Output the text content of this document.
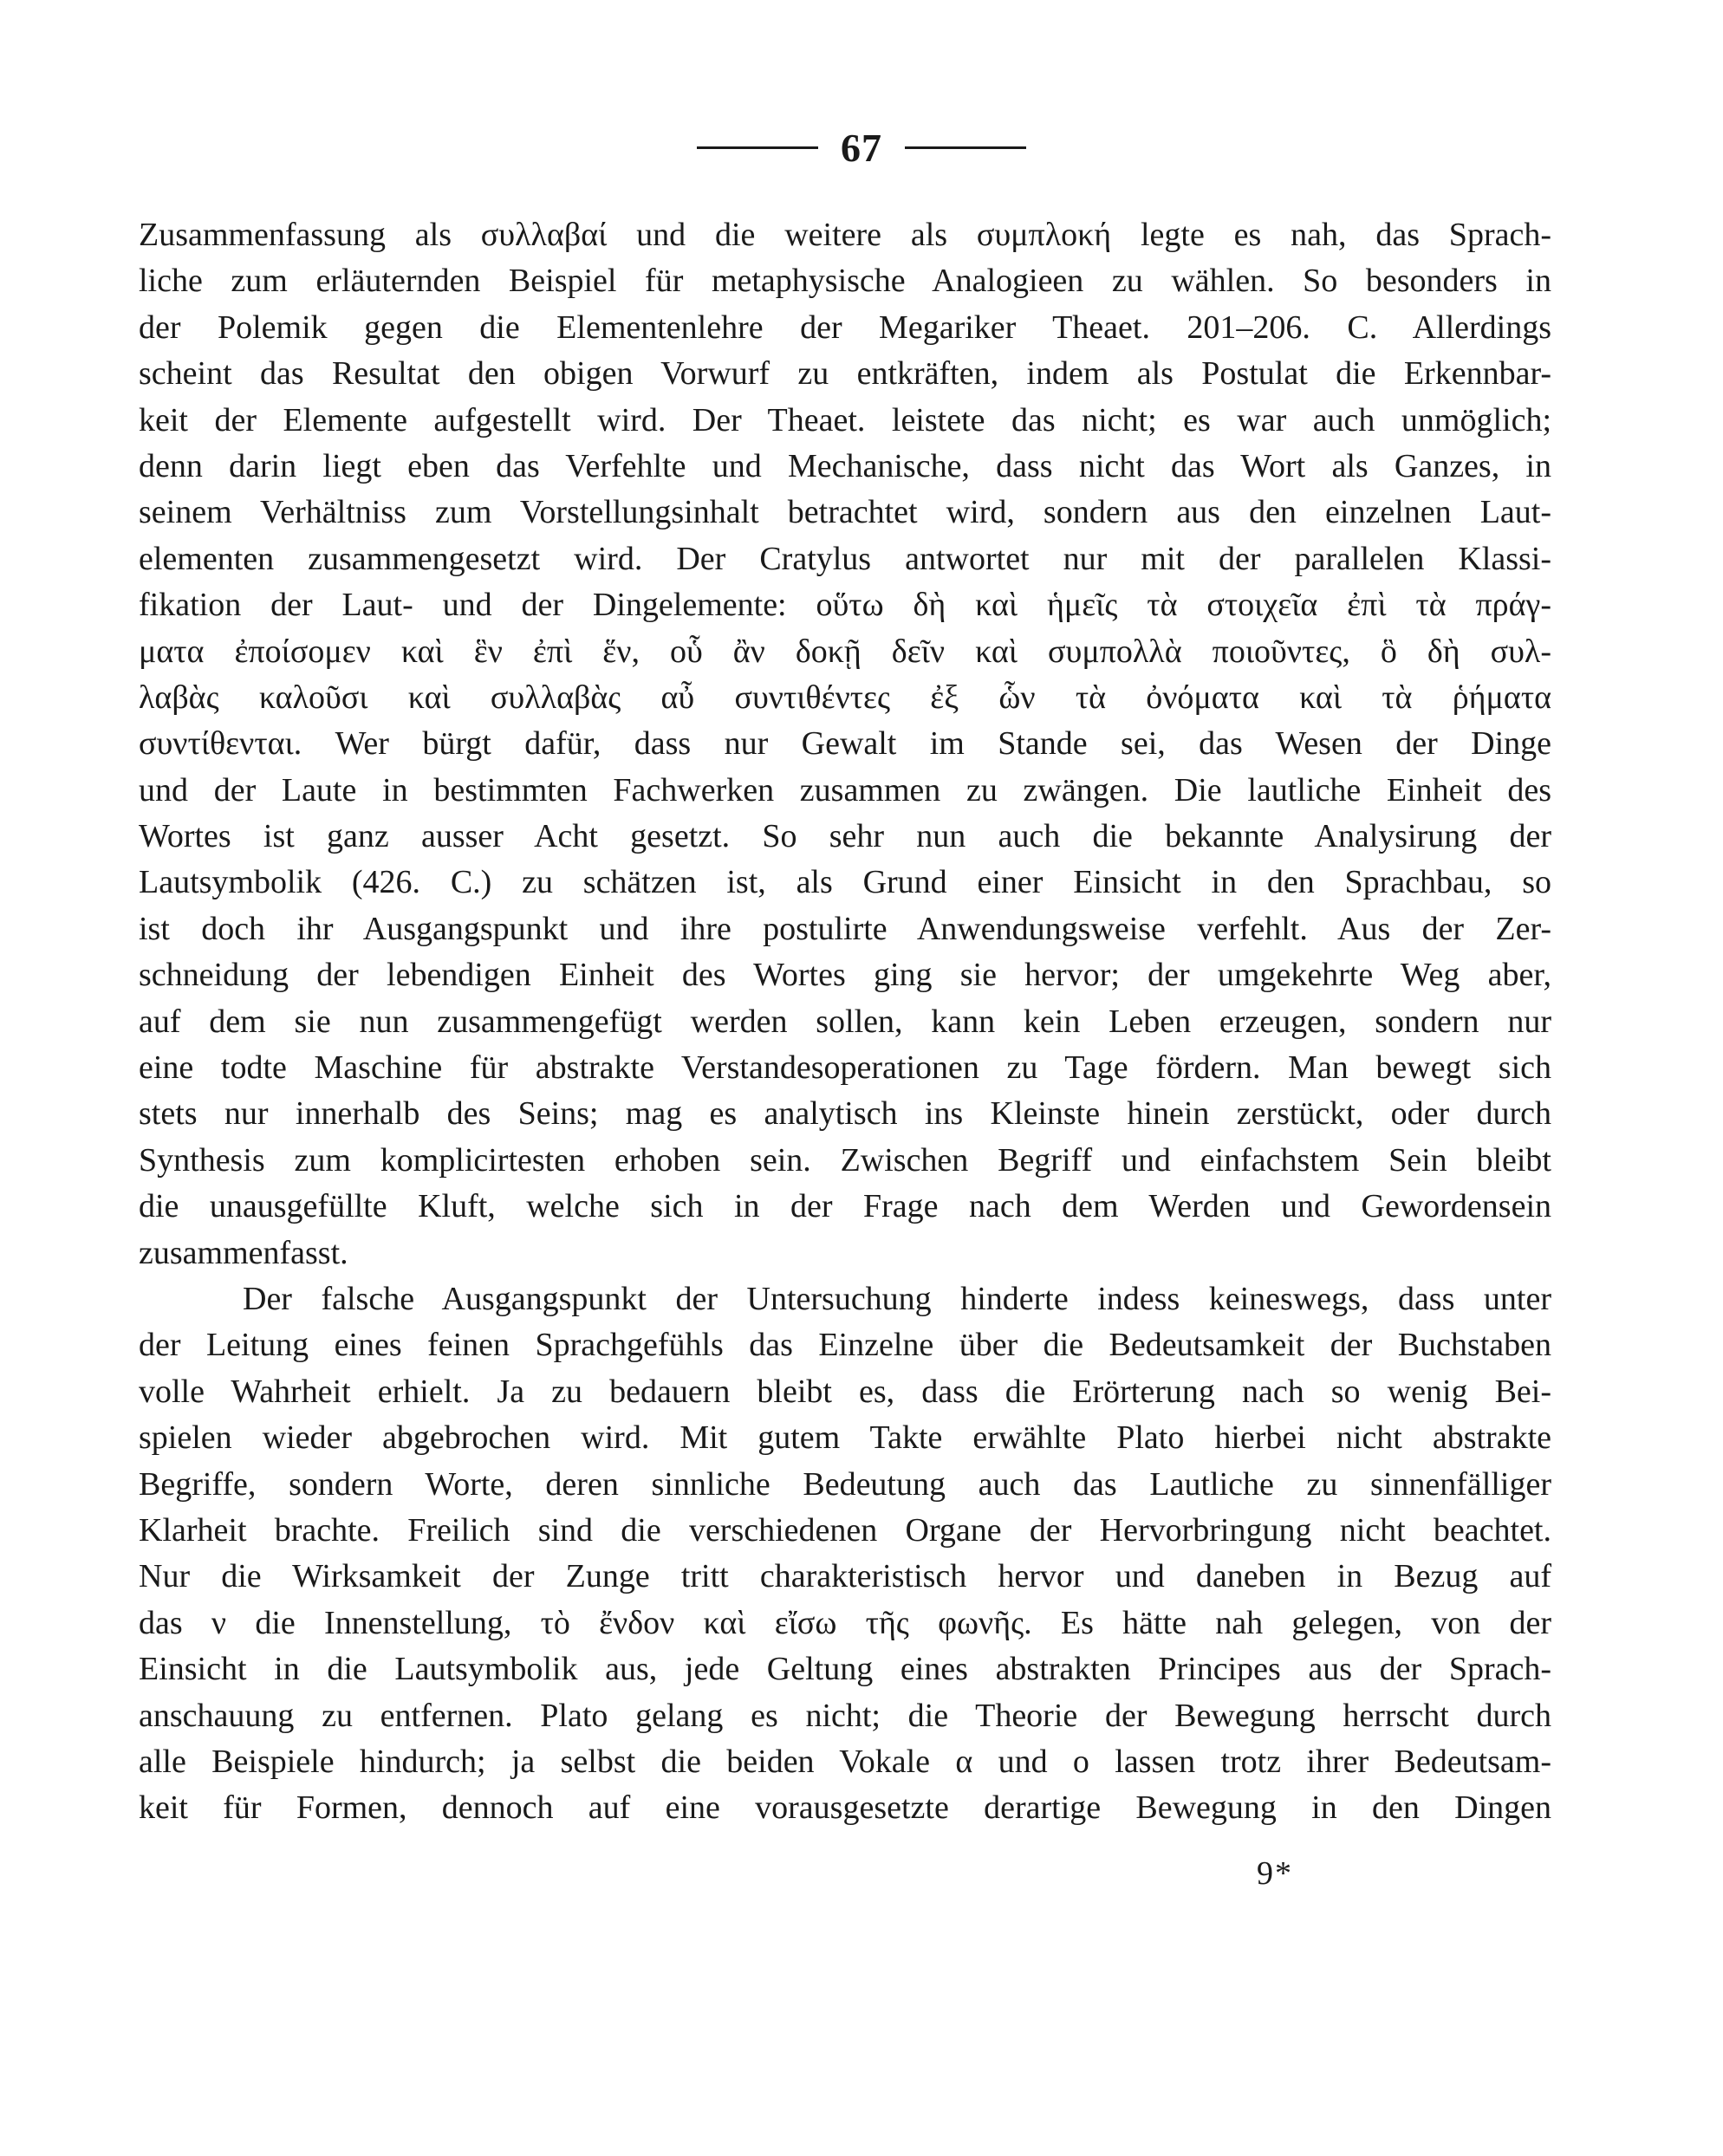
67
Zusammenfassung als συλλαβαί und die weitere als συμπλοκή legte es nah, das Sprach-
liche zum erläuternden Beispiel für metaphysische Analogieen zu wählen. So besonders in
der Polemik gegen die Elementenlehre der Megariker Theaet. 201–206. C. Allerdings
scheint das Resultat den obigen Vorwurf zu entkräften, indem als Postulat die Erkennbar-
keit der Elemente aufgestellt wird. Der Theaet. leistete das nicht; es war auch unmöglich;
denn darin liegt eben das Verfehlte und Mechanische, dass nicht das Wort als Ganzes, in
seinem Verhältniss zum Vorstellungsinhalt betrachtet wird, sondern aus den einzelnen Laut-
elementen zusammengesetzt wird. Der Cratylus antwortet nur mit der parallelen Klassi-
fikation der Laut- und der Dingelemente: οὕτω δὴ καὶ ἡμεῖς τὰ στοιχεῖα ἐπὶ τὰ πράγ-
ματα ἐποίσομεν καὶ ἓν ἐπὶ ἕν, οὗ ἂν δοκῇ δεῖν καὶ συμπολλὰ ποιοῦντες, ὃ δὴ συλ-
λαβὰς καλοῦσι καὶ συλλαβὰς αὖ συντιθέντες ἐξ ὧν τὰ ὀνόματα καὶ τὰ ῥήματα
συντίθενται. Wer bürgt dafür, dass nur Gewalt im Stande sei, das Wesen der Dinge
und der Laute in bestimmten Fachwerken zusammen zu zwängen. Die lautliche Einheit des
Wortes ist ganz ausser Acht gesetzt. So sehr nun auch die bekannte Analysirung der
Lautsymbolik (426. C.) zu schätzen ist, als Grund einer Einsicht in den Sprachbau, so
ist doch ihr Ausgangspunkt und ihre postulirte Anwendungsweise verfehlt. Aus der Zer-
schneidung der lebendigen Einheit des Wortes ging sie hervor; der umgekehrte Weg aber,
auf dem sie nun zusammengefügt werden sollen, kann kein Leben erzeugen, sondern nur
eine todte Maschine für abstrakte Verstandesoperationen zu Tage fördern. Man bewegt sich
stets nur innerhalb des Seins; mag es analytisch ins Kleinste hinein zerstückt, oder durch
Synthesis zum komplicirtesten erhoben sein. Zwischen Begriff und einfachstem Sein bleibt
die unausgefüllte Kluft, welche sich in der Frage nach dem Werden und Gewordensein
zusammenfasst.
Der falsche Ausgangspunkt der Untersuchung hinderte indess keineswegs, dass unter
der Leitung eines feinen Sprachgefühls das Einzelne über die Bedeutsamkeit der Buchstaben
volle Wahrheit erhielt. Ja zu bedauern bleibt es, dass die Erörterung nach so wenig Bei-
spielen wieder abgebrochen wird. Mit gutem Takte erwählte Plato hierbei nicht abstrakte
Begriffe, sondern Worte, deren sinnliche Bedeutung auch das Lautliche zu sinnenfälliger
Klarheit brachte. Freilich sind die verschiedenen Organe der Hervorbringung nicht beachtet.
Nur die Wirksamkeit der Zunge tritt charakteristisch hervor und daneben in Bezug auf
das ν die Innenstellung, τὸ ἔνδον καὶ εἴσω τῆς φωνῆς. Es hätte nah gelegen, von der
Einsicht in die Lautsymbolik aus, jede Geltung eines abstrakten Principes aus der Sprach-
anschauung zu entfernen. Plato gelang es nicht; die Theorie der Bewegung herrscht durch
alle Beispiele hindurch; ja selbst die beiden Vokale α und ο lassen trotz ihrer Bedeutsam-
keit für Formen, dennoch auf eine vorausgesetzte derartige Bewegung in den Dingen
9*
